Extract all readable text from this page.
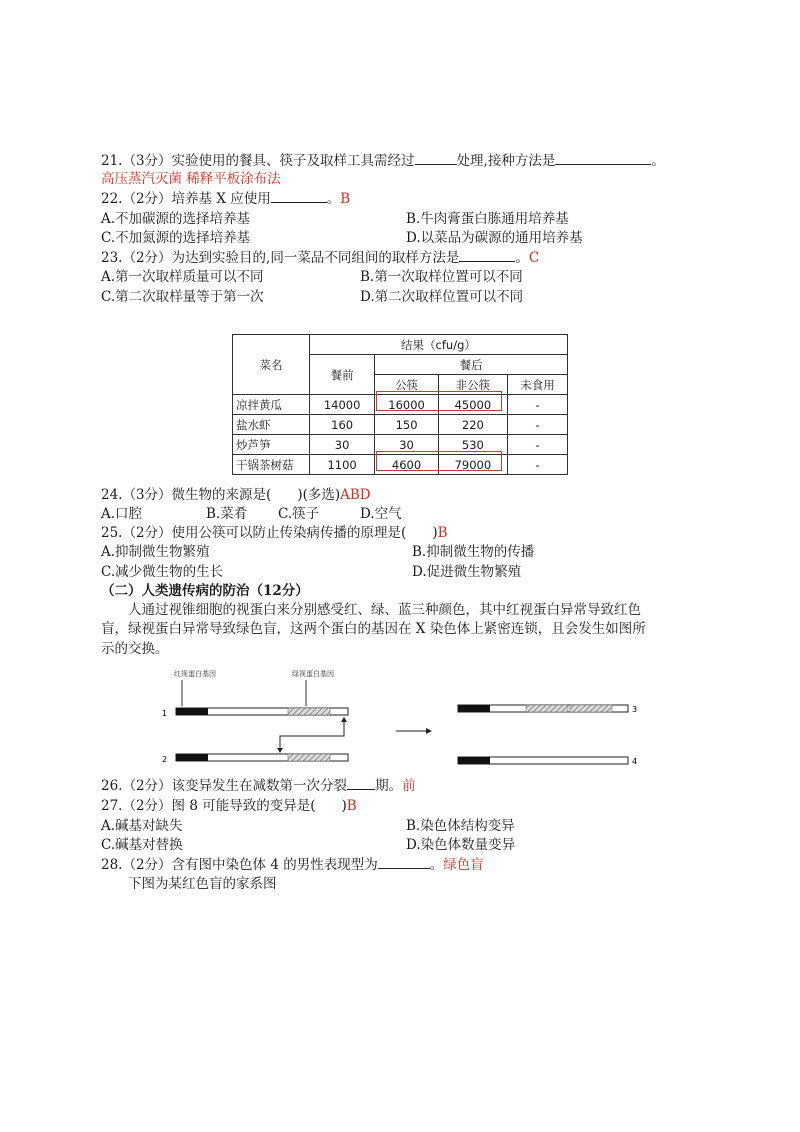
21.（3分）实验使用的餐具、筷子及取样工具需经过	处理,接种方法是	。
高压蒸汽灭菌 稀释平板涂布法
22.（2分）培养基 X 应使用	。B
A.不加碳源的选择培养基	B.牛肉膏蛋白胨通用培养基
C.不加氮源的选择培养基	D.以菜品为碳源的通用培养基
23.（2分）为达到实验目的,同一菜品不同组间的取样方法是	。C
A.第一次取样质量可以不同	B.第一次取样位置可以不同
C.第二次取样量等于第一次	D.第二次取样位置可以不同
菜名	结果（cfu/g）			
	餐前	餐后		
		公筷	非公筷	未食用
凉拌黄瓜	14000	16000	45000	-
盐水虾	160	150	220	-
炒芦笋	30	30	530	-
干锅茶树菇	1100	4600	79000	-
24.（3分）微生物的来源是( )(多选)ABD
A.口腔	B.菜肴 C.筷子	D.空气
25.（2分）使用公筷可以防止传染病传播的原理是( )B
A.抑制微生物繁殖	B.抑制微生物的传播
C.减少微生物的生长	D.促进微生物繁殖
（二）人类遗传病的防治（12分）
人通过视锥细胞的视蛋白来分别感受红、绿、蓝三种颜色，其中红视蛋白异常导致红色
盲，绿视蛋白异常导致绿色盲，这两个蛋白的基因在 X 染色体上紧密连锁，且会发生如图所
示的交换。
红视蛋白基因	绿视蛋白基因
1
2
3
4
26.（2分）该变异发生在减数第一次分裂 期。前
27.（2分）图 8 可能导致的变异是( )B
A.碱基对缺失	B.染色体结构变异
C.碱基对替换	D.染色体数量变异
28.（2分）含有图中染色体 4 的男性表现型为	。绿色盲
下图为某红色盲的家系图
